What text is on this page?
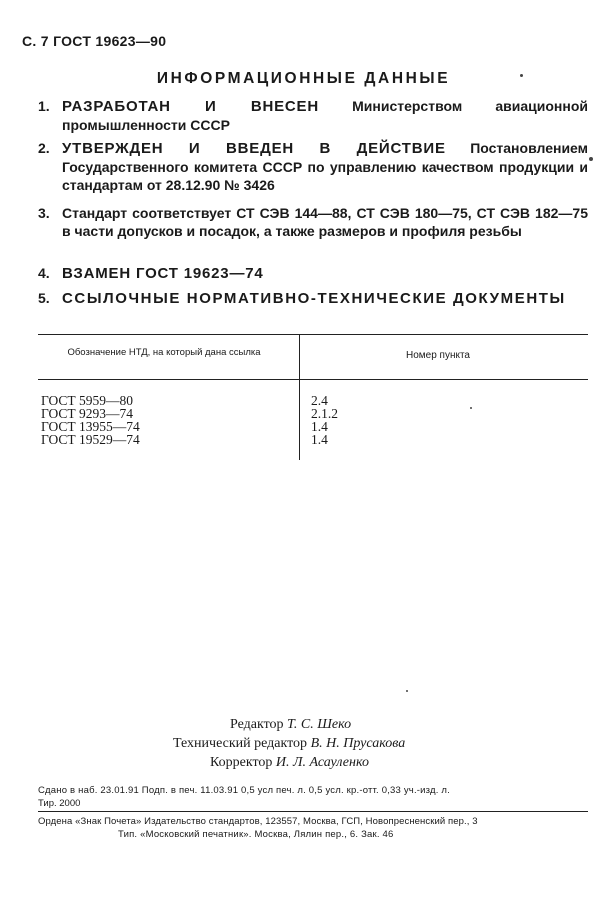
С. 7 ГОСТ 19623—90
ИНФОРМАЦИОННЫЕ ДАННЫЕ
1. РАЗРАБОТАН И ВНЕСЕН Министерством авиационной промышленности СССР
2. УТВЕРЖДЕН И ВВЕДЕН В ДЕЙСТВИЕ Постановлением Государственного комитета СССР по управлению качеством продукции и стандартам от 28.12.90 № 3426
3. Стандарт соответствует СТ СЭВ 144—88, СТ СЭВ 180—75, СТ СЭВ 182—75 в части допусков и посадок, а также размеров и профиля резьбы
4. ВЗАМЕН ГОСТ 19623—74
5. ССЫЛОЧНЫЕ НОРМАТИВНО-ТЕХНИЧЕСКИЕ ДОКУМЕНТЫ
Обозначение НТД, на который дана ссылка	Номер пункта
ГОСТ 5959—80
ГОСТ 9293—74
ГОСТ 13955—74
ГОСТ 19529—74
2.4
2.1.2
1.4
1.4
Редактор Т. С. Шеко
Технический редактор В. Н. Прусакова
Корректор И. Л. Асауленко
Сдано в наб. 23.01.91 Подп. в печ. 11.03.91 0,5 усл печ. л. 0,5 усл. кр.-отт. 0,33 уч.-изд. л.
Тир. 2000
Ордена «Знак Почета» Издательство стандартов, 123557, Москва, ГСП, Новопресненский пер., 3
Тип. «Московский печатник». Москва, Лялин пер., 6. Зак. 46
